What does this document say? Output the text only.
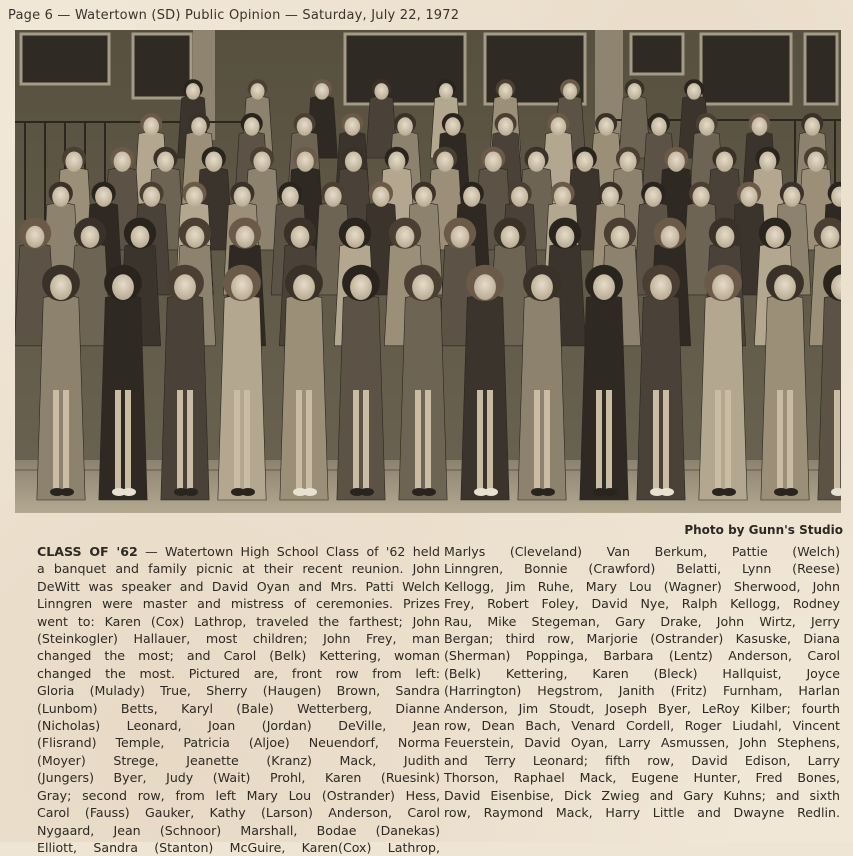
Page 6 — Watertown (SD) Public Opinion — Saturday, July 22, 1972
Photo by Gunn's Studio

CLASS OF '62 — Watertown High School Class of '62 held
a banquet and family picnic at their recent reunion. John
DeWitt was speaker and David Oyan and Mrs. Patti Welch
Linngren were master and mistress of ceremonies. Prizes
went to: Karen (Cox) Lathrop, traveled the farthest; John
(Steinkogler) Hallauer, most children; John Frey, man
changed the most; and Carol (Belk) Kettering, woman
changed the most. Pictured are, front row from left:
Gloria (Mulady) True, Sherry (Haugen) Brown, Sandra
(Lunbom) Betts, Karyl (Bale) Wetterberg, Dianne
(Nicholas) Leonard, Joan (Jordan) DeVille, Jean
(Flisrand) Temple, Patricia (Aljoe) Neuendorf, Norma
(Moyer) Strege, Jeanette (Kranz) Mack, Judith
(Jungers) Byer, Judy (Wait) Prohl, Karen (Ruesink)
Gray; second row, from left Mary Lou (Ostrander) Hess,
Carol (Fauss) Gauker, Kathy (Larson) Anderson, Carol
Nygaard, Jean (Schnoor) Marshall, Bodae (Danekas)
Elliott, Sandra (Stanton) McGuire, Karen(Cox) Lathrop,

Marlys (Cleveland) Van Berkum, Pattie (Welch)
Linngren, Bonnie (Crawford) Belatti, Lynn (Reese)
Kellogg, Jim Ruhe, Mary Lou (Wagner) Sherwood, John
Frey, Robert Foley, David Nye, Ralph Kellogg, Rodney
Rau, Mike Stegeman, Gary Drake, John Wirtz, Jerry
Bergan; third row, Marjorie (Ostrander) Kasuske, Diana
(Sherman) Poppinga, Barbara (Lentz) Anderson, Carol
(Belk) Kettering, Karen (Bleck) Hallquist, Joyce
(Harrington) Hegstrom, Janith (Fritz) Furnham, Harlan
Anderson, Jim Stoudt, Joseph Byer, LeRoy Kilber; fourth
row, Dean Bach, Venard Cordell, Roger Liudahl, Vincent
Feuerstein, David Oyan, Larry Asmussen, John Stephens,
and Terry Leonard; fifth row, David Edison, Larry
Thorson, Raphael Mack, Eugene Hunter, Fred Bones,
David Eisenbise, Dick Zwieg and Gary Kuhns; and sixth
row, Raymond Mack, Harry Little and Dwayne Redlin.
